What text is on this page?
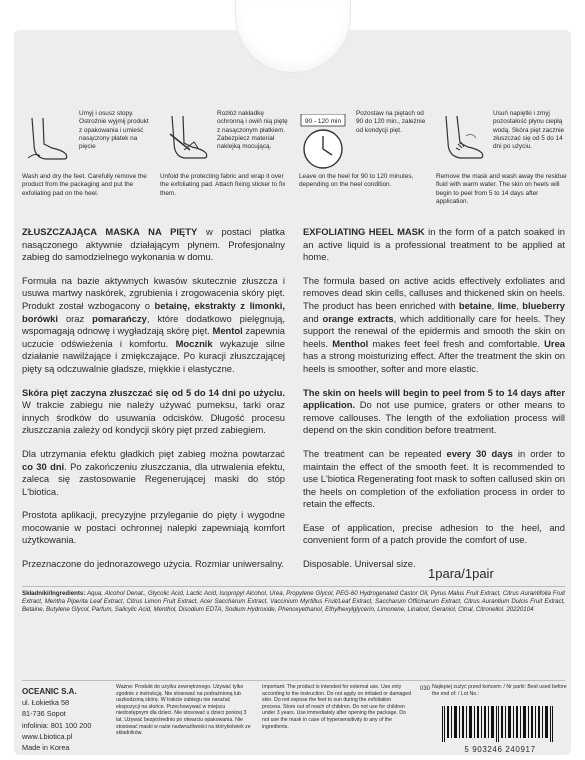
Umyj i osusz stopy. Ostrożnie wyjmij produkt z opakowania i umieść nasączony płatek na pięcie
Wash and dry the feet. Carefully remove the product from the packaging and put the exfoliating pad on the heel.
Rozłóż nakładkę ochronną i owiń nią piętę z nasączonym płatkiem. Zabezpiecz materiał naklejką mocującą.
Unfold the protecting fabric and wrap it over the exfoliating pad. Attach fixing sticker to fix them.
90 - 120 min
Pozostaw na piętach od 90 do 120 min., zależnie od kondycji pięt.
Leave on the heel for 90 to 120 minutes, depending on the heel condition.
Usuń napiętki i zmyj pozostałość płynu ciepłą wodą. Skóra pięt zacznie złuszczać się od 5 do 14 dni po użyciu.
Remove the mask and wash away the residue fluid with warm water. The skin on heels will begin to peel from 5 to 14 days after application.

ZŁUSZCZAJĄCA MASKA NA PIĘTY w postaci płatka nasączonego aktywnie działającym płynem. Profesjonalny zabieg do samodzielnego wykonania w domu.

Formuła na bazie aktywnych kwasów skutecznie złuszcza i usuwa martwy naskórek, zgrubienia i zrogowacenia skóry pięt. Produkt został wzbogacony o betainę, ekstrakty z limonki, borówki oraz pomarańczy, które dodatkowo pielęgnują, wspomagają odnowę i wygładzają skórę pięt. Mentol zapewnia uczucie odświeżenia i komfortu. Mocznik wykazuje silne działanie nawilżające i zmiękczające. Po kuracji złuszczającej pięty są odczuwalnie gładsze, miękkie i elastyczne.

Skóra pięt zaczyna złuszczać się od 5 do 14 dni po użyciu. W trakcie zabiegu nie należy używać pumeksu, tarki oraz innych środków do usuwania odcisków. Długość procesu złuszczania zależy od kondycji skóry pięt przed zabiegiem.

Dla utrzymania efektu gładkich pięt zabieg można powtarzać co 30 dni. Po zakończeniu złuszczania, dla utrwalenia efektu, zaleca się zastosowanie Regenerującej maski do stóp L'biotica.

Prostota aplikacji, precyzyjne przyleganie do pięty i wygodne mocowanie w postaci ochronnej nalepki zapewniają komfort użytkowania.

Przeznaczone do jednorazowego użycia. Rozmiar uniwersalny.

EXFOLIATING HEEL MASK in the form of a patch soaked in an active liquid is a professional treatment to be applied at home.

The formula based on active acids effectively exfoliates and removes dead skin cells, calluses and thickened skin on heels. The product has been enriched with betaine, lime, blueberry and orange extracts, which additionally care for heels. They support the renewal of the epidermis and smooth the skin on heels. Menthol makes feet feel fresh and comfortable. Urea has a strong moisturizing effect. After the treatment the skin on heels is smoother, softer and more elastic.

The skin on heels will begin to peel from 5 to 14 days after application. Do not use pumice, graters or other means to remove callouses. The length of the exfoliation process will depend on the skin condition before treatment.

The treatment can be repeated every 30 days in order to maintain the effect of the smooth feet. It is recommended to use L'biotica Regenerating foot mask to soften callused skin on the heels on completion of the exfoliation process in order to retain the effects.

Ease of application, precise adhesion to the heel, and convenient form of a patch provide the comfort of use.

Disposable. Universal size.

1para/1pair
Składniki/Ingredients: Aqua, Alcohol Denat., Glycolic Acid, Lactic Acid, Isopropyl Alcohol, Urea, Propylene Glycol, PEG-60 Hydrogenated Castor Oil, Pyrus Malus Fruit Extract, Citrus Aurantifolia Fruit Extract, Mentha Piperita Leaf Extract, Citrus Limon Fruit Extract, Acer Saccharum Extract, Vaccinium Myrtillus Fruit/Leaf Extract, Saccharum Officinarum Extract, Citrus Aurantium Dulcis Fruit Extract, Betaine, Butylene Glycol, Parfum, Salicylic Acid, Menthol, Disodium EDTA, Sodium Hydroxide, Phenoxyethanol, Ethylhexylglycerin, Limonene, Linalool, Geraniol, Citral, Citronellol. 20220104
OCEANIC S.A.
ul. Łokietka 58
81-736 Sopot
infolinia: 801 100 200
www.Lbiotica.pl
Made in Korea
Ważne: Produkt do użytku zewnętrznego. Używać tylko zgodnie z instrukcją. Nie stosować na podrażnioną lub uszkodzoną skórę. W trakcie zabiegu nie narażać ekspozycji na słońce. Przechowywać w miejscu niedostępnym dla dzieci. Nie stosować u dzieci poniżej 3 lat. Używać bezpośrednio po otwarciu opakowania. Nie stosować maski w razie nadwrażliwości na którykolwiek ze składników.
Important: The product is intended for external use. Use only according to the instruction. Do not apply on irritated or damaged skin. Do not expose the feet to sun during the exfoliation process. Store out of reach of children. Do not use for children under 3 years. Use immediately after opening the package. Do not use the mask in case of hypersensitivity to any of the ingredients.
030 Najlepiej zużyć przed końcem: / Nr partii: Best used before the end of: / Lot No.:
5 903246 240917
